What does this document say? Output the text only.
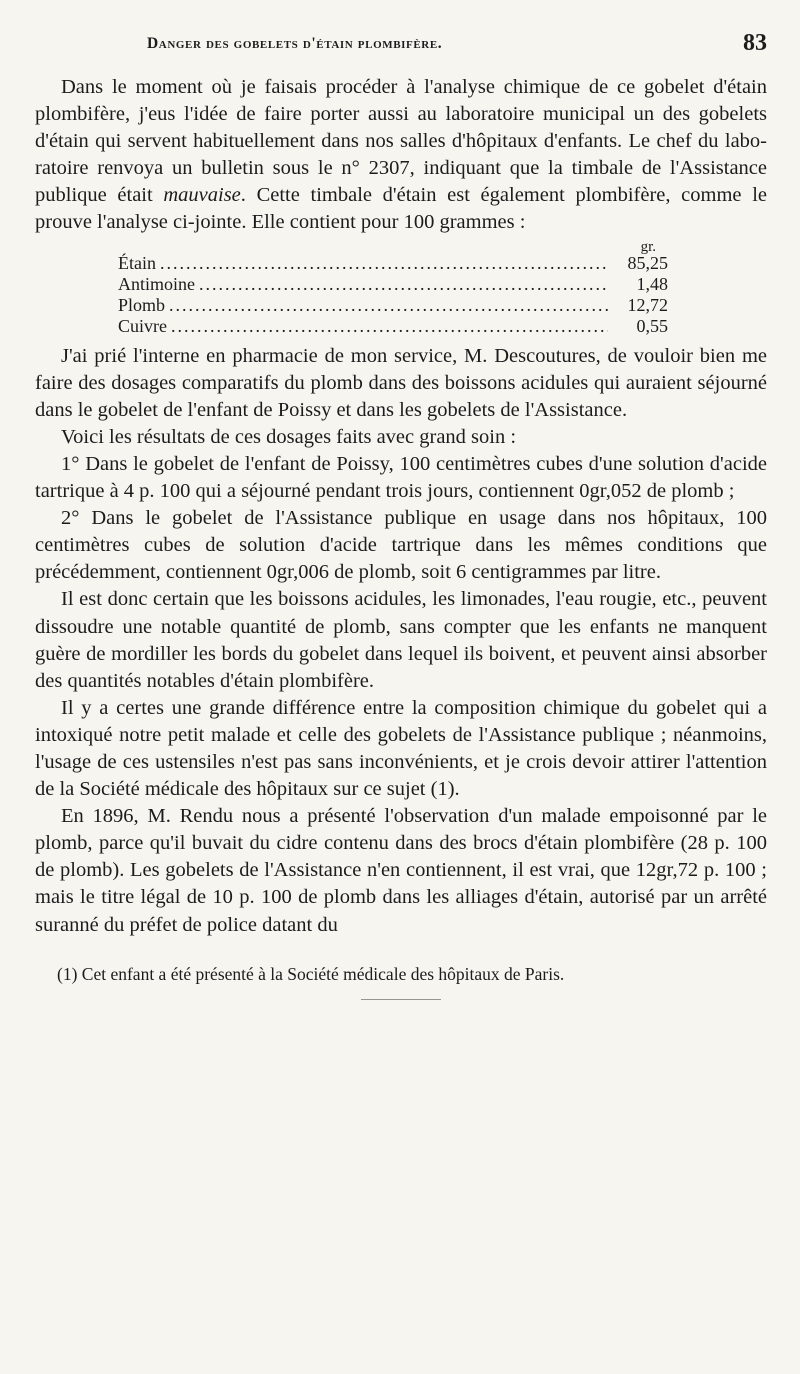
Danger des gobelets d'étain plombifère.	83

Dans le moment où je faisais procéder à l'analyse chimique de ce gobelet d'étain plombifère, j'eus l'idée de faire porter aussi au laboratoire municipal un des gobelets d'étain qui servent habituellement dans nos salles d'hôpitaux d'enfants. Le chef du laboratoire renvoya un bulletin sous le n° 2307, indiquant que la timbale de l'Assistance publique était mauvaise. Cette timbale d'étain est également plombifère, comme le prouve l'analyse ci-jointe. Elle contient pour 100 grammes :

gr.
Étain .....	85,25
Antimoine .....	1,48
Plomb .....	12,72
Cuivre .....	0,55

J'ai prié l'interne en pharmacie de mon service, M. Descoutures, de vouloir bien me faire des dosages comparatifs du plomb dans des boissons acidules qui auraient séjourné dans le gobelet de l'enfant de Poissy et dans les gobelets de l'Assistance.

Voici les résultats de ces dosages faits avec grand soin :

1° Dans le gobelet de l'enfant de Poissy, 100 centimètres cubes d'une solution d'acide tartrique à 4 p. 100 qui a séjourné pendant trois jours, contiennent 0gr,052 de plomb ;

2° Dans le gobelet de l'Assistance publique en usage dans nos hôpitaux, 100 centimètres cubes de solution d'acide tartrique dans les mêmes conditions que précédemment, contiennent 0gr,006 de plomb, soit 6 centigrammes par litre.

Il est donc certain que les boissons acidules, les limonades, l'eau rougie, etc., peuvent dissoudre une notable quantité de plomb, sans compter que les enfants ne manquent guère de mordiller les bords du gobelet dans lequel ils boivent, et peuvent ainsi absorber des quantités notables d'étain plombifère.

Il y a certes une grande différence entre la composition chimique du gobelet qui a intoxiqué notre petit malade et celle des gobelets de l'Assistance publique ; néanmoins, l'usage de ces ustensiles n'est pas sans inconvénients, et je crois devoir attirer l'attention de la Société médicale des hôpitaux sur ce sujet (1).

En 1896, M. Rendu nous a présenté l'observation d'un malade empoisonné par le plomb, parce qu'il buvait du cidre contenu dans des brocs d'étain plombifère (28 p. 100 de plomb). Les gobelets de l'Assistance n'en contiennent, il est vrai, que 12gr,72 p. 100 ; mais le titre légal de 10 p. 100 de plomb dans les alliages d'étain, autorisé par un arrêté suranné du préfet de police datant du

(1) Cet enfant a été présenté à la Société médicale des hôpitaux de Paris.
